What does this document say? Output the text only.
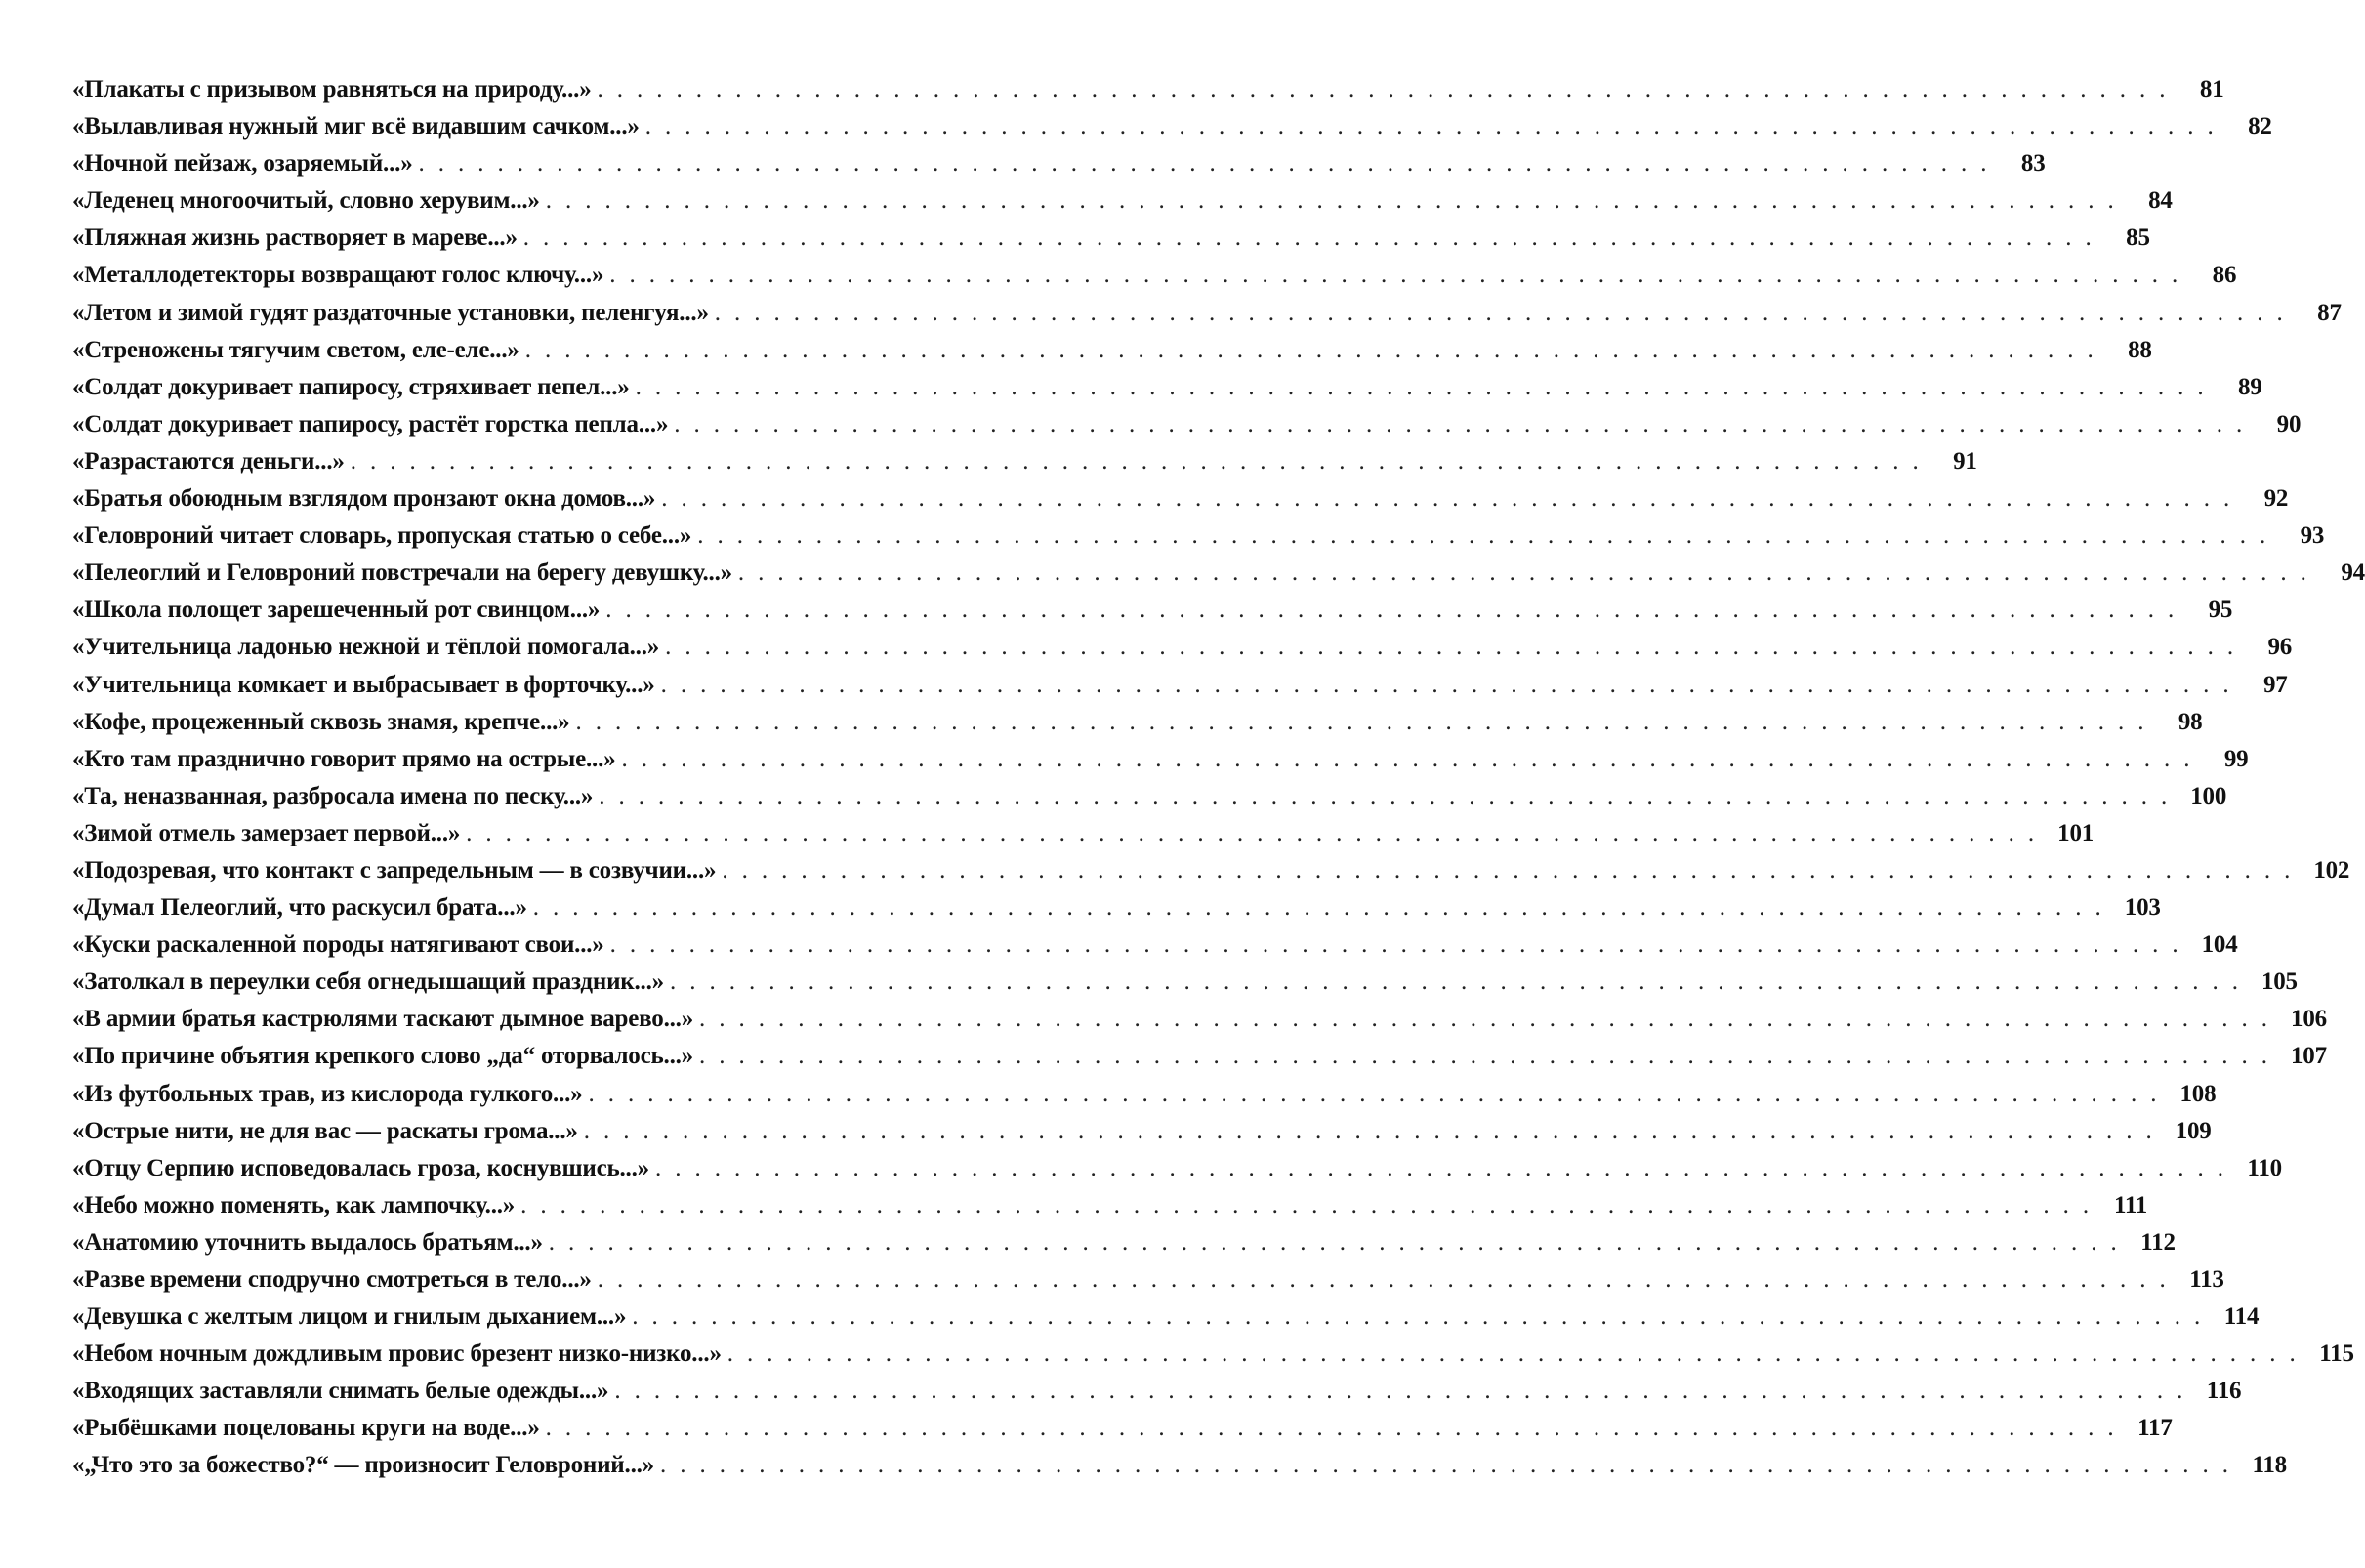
«Плакаты с призывом равняться на природу...» ................................................................................ 81
«Вылавливая нужный миг всё видавшим сачком...» ................................................................................ 82
«Ночной пейзаж, озаряемый...» ................................................................................ 83
«Леденец многоочитый, словно херувим...» ................................................................................ 84
«Пляжная жизнь растворяет в мареве...» ................................................................................ 85
«Металлодетекторы возвращают голос ключу...» ................................................................................ 86
«Летом и зимой гудят раздаточные установки, пеленгуя...» ................................................................................ 87
«Стреножены тягучим светом, еле-еле...» ................................................................................ 88
«Солдат докуривает папиросу, стряхивает пепел...» ................................................................................ 89
«Солдат докуривает папиросу, растёт горстка пепла...» ................................................................................ 90
«Разрастаются деньги...» ................................................................................ 91
«Братья обоюдным взглядом пронзают окна домов...» ................................................................................ 92
«Геловроний читает словарь, пропуская статью о себе...» ................................................................................ 93
«Пелеоглий и Геловроний повстречали на берегу девушку...» ................................................................................ 94
«Школа полощет зарешеченный рот свинцом...» ................................................................................ 95
«Учительница ладонью нежной и тёплой помогала...» ................................................................................ 96
«Учительница комкает и выбрасывает в форточку...» ................................................................................ 97
«Кофе, процеженный сквозь знамя, крепче...» ................................................................................ 98
«Кто там празднично говорит прямо на острые...» ................................................................................ 99
«Та, неназванная, разбросала имена по песку...» ................................................................................ 100
«Зимой отмель замерзает первой...» ................................................................................ 101
«Подозревая, что контакт с запредельным — в созвучии...» ................................................................................ 102
«Думал Пелеоглий, что раскусил брата...» ................................................................................ 103
«Куски раскаленной породы натягивают свои...» ................................................................................ 104
«Затолкал в переулки себя огнедышащий праздник...» ................................................................................ 105
«В армии братья кастрюлями таскают дымное варево...» ................................................................................ 106
«По причине объятия крепкого слово „да“ оторвалось...» ................................................................................ 107
«Из футбольных трав, из кислорода гулкого...» ................................................................................ 108
«Острые нити, не для вас — раскаты грома...» ................................................................................ 109
«Отцу Серпию исповедовалась гроза, коснувшись...» ................................................................................ 110
«Небо можно поменять, как лампочку...» ................................................................................ 111
«Анатомию уточнить выдалось братьям...» ................................................................................ 112
«Разве времени сподручно смотреться в тело...» ................................................................................ 113
«Девушка с желтым лицом и гнилым дыханием...» ................................................................................ 114
«Небом ночным дождливым провис брезент низко-низко...» ................................................................................ 115
«Входящих заставляли снимать белые одежды...» ................................................................................ 116
«Рыбёшками поцелованы круги на воде...» ................................................................................ 117
«„Что это за божество?“ — произносит Геловроний...» ................................................................................ 118
